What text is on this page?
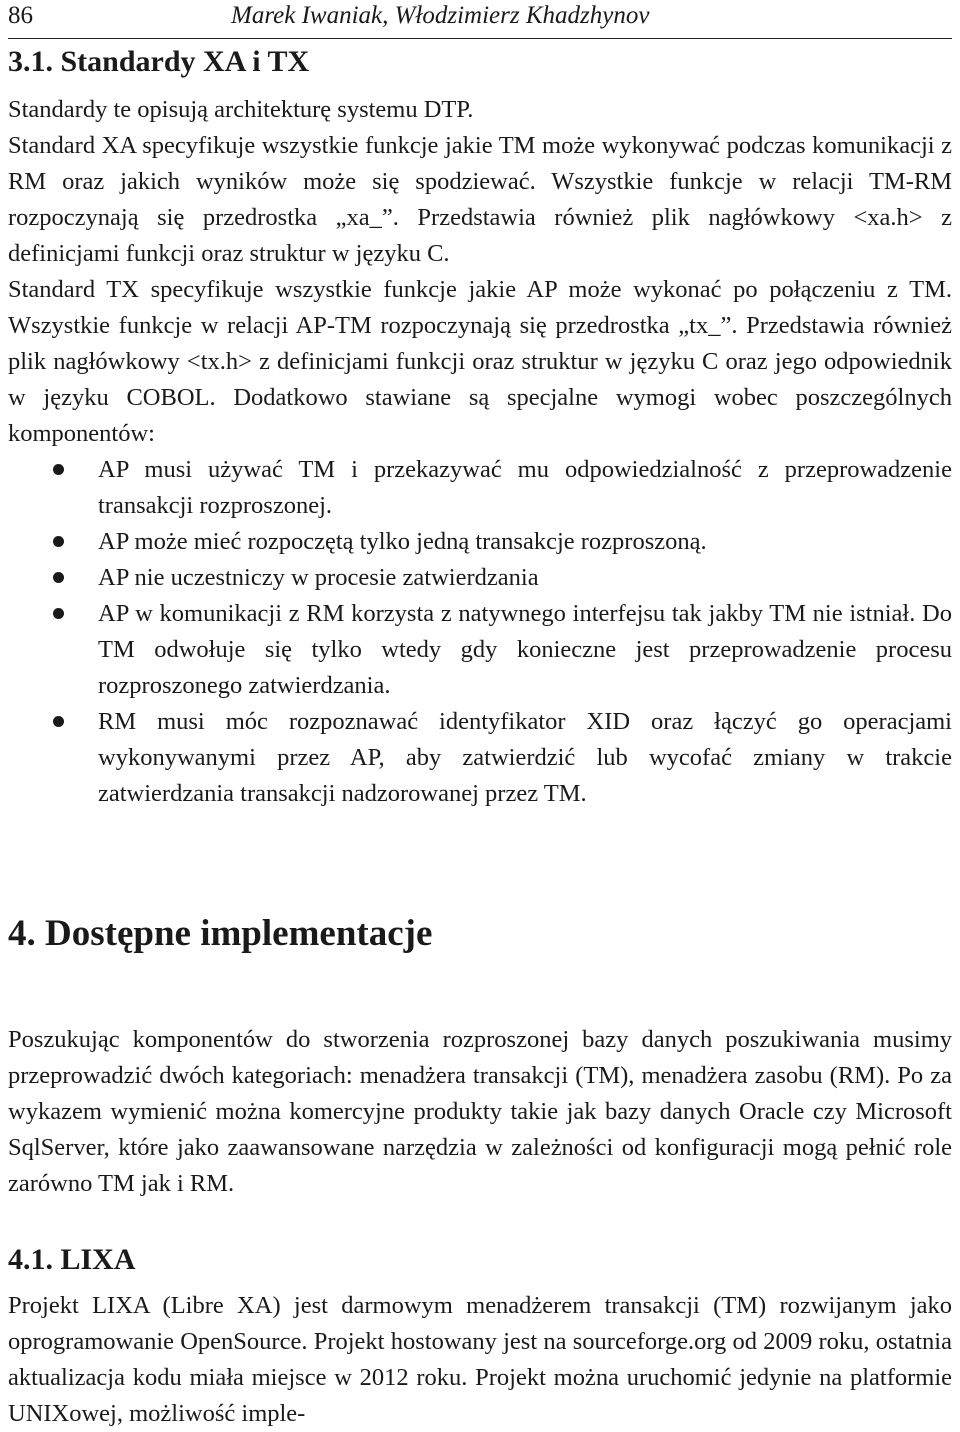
86	Marek Iwaniak, Włodzimierz Khadzhynov
3.1. Standardy XA i TX

Standardy te opisują architekturę systemu DTP.

Standard XA specyfikuje wszystkie funkcje jakie TM może wykonywać podczas komunikacji z RM oraz jakich wyników może się spodziewać. Wszystkie funkcje w relacji TM-RM rozpoczynają się przedrostka „xa_”. Przedstawia również plik nagłówkowy <xa.h> z definicjami funkcji oraz struktur w języku C.

Standard TX specyfikuje wszystkie funkcje jakie AP może wykonać po połączeniu z TM. Wszystkie funkcje w relacji AP-TM rozpoczynają się przedrostka „tx_”. Przedstawia również plik nagłówkowy <tx.h> z definicjami funkcji oraz struktur w języku C oraz jego odpowiednik w języku COBOL. Dodatkowo stawiane są specjalne wymogi wobec poszczególnych komponentów:

AP musi używać TM i przekazywać mu odpowiedzialność z przeprowadzenie transakcji rozproszonej.
AP może mieć rozpoczętą tylko jedną transakcje rozproszoną.
AP nie uczestniczy w procesie zatwierdzania
AP w komunikacji z RM korzysta z natywnego interfejsu tak jakby TM nie istniał. Do TM odwołuje się tylko wtedy gdy konieczne jest przeprowadzenie procesu rozproszonego zatwierdzania.
RM musi móc rozpoznawać identyfikator XID oraz łączyć go operacjami wykonywanymi przez AP, aby zatwierdzić lub wycofać zmiany w trakcie zatwierdzania transakcji nadzorowanej przez TM.
4. Dostępne implementacje

Poszukując komponentów do stworzenia rozproszonej bazy danych poszukiwania musimy przeprowadzić dwóch kategoriach: menadżera transakcji (TM), menadżera zasobu (RM). Po za wykazem wymienić można komercyjne produkty takie jak bazy danych Oracle czy Microsoft SqlServer, które jako zaawansowane narzędzia w zależności od konfiguracji mogą pełnić role zarówno TM jak i RM.

4.1. LIXA

Projekt LIXA (Libre XA) jest darmowym menadżerem transakcji (TM) rozwijanym jako oprogramowanie OpenSource. Projekt hostowany jest na sourceforge.org od 2009 roku, ostatnia aktualizacja kodu miała miejsce w 2012 roku. Projekt można uruchomić jedynie na platformie UNIXowej, możliwość imple-
